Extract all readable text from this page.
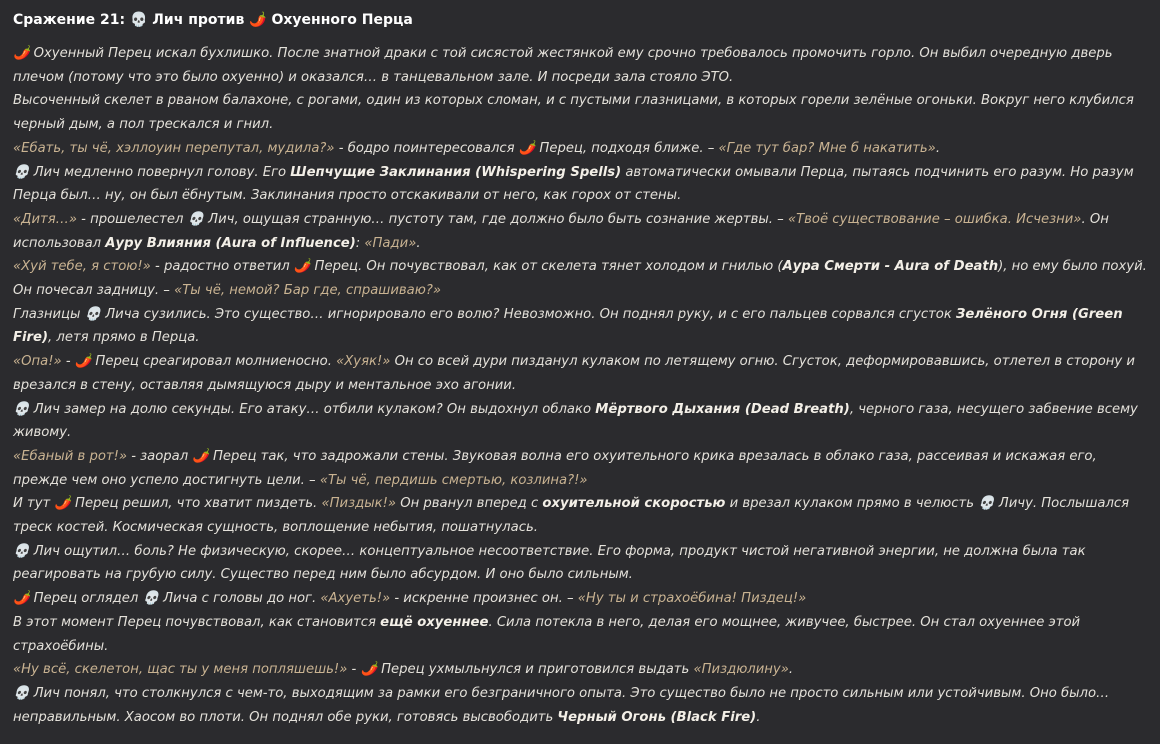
Сражение 21: 💀 Лич против 🌶️ Охуенного Перца
🌶️ Охуенный Перец искал бухлишко. После знатной драки с той сисястой жестянкой ему срочно требовалось промочить горло. Он выбил очередную дверь плечом (потому что это было охуенно) и оказался… в танцевальном зале. И посреди зала стояло ЭТО.
Высоченный скелет в рваном балахоне, с рогами, один из которых сломан, и с пустыми глазницами, в которых горели зелёные огоньки. Вокруг него клубился черный дым, а пол трескался и гнил.
«Ебать, ты чё, хэллоуин перепутал, мудила?» - бодро поинтересовался 🌶️ Перец, подходя ближе. – «Где тут бар? Мне б накатить».
💀 Лич медленно повернул голову. Его Шепчущие Заклинания (Whispering Spells) автоматически омывали Перца, пытаясь подчинить его разум. Но разум Перца был… ну, он был ёбнутым. Заклинания просто отскакивали от него, как горох от стены.
«Дитя…» - прошелестел 💀 Лич, ощущая странную… пустоту там, где должно было быть сознание жертвы. – «Твоё существование – ошибка. Исчезни». Он использовал Ауру Влияния (Aura of Influence): «Пади».
«Хуй тебе, я стою!» - радостно ответил 🌶️ Перец. Он почувствовал, как от скелета тянет холодом и гнилью (Аура Смерти - Aura of Death), но ему было похуй. Он почесал задницу. – «Ты чё, немой? Бар где, спрашиваю?»
Глазницы 💀 Лича сузились. Это существо… игнорировало его волю? Невозможно. Он поднял руку, и с его пальцев сорвался сгусток Зелёного Огня (Green Fire), летя прямо в Перца.
«Опа!» - 🌶️ Перец среагировал молниеносно. «Хуяк!» Он со всей дури пизданул кулаком по летящему огню. Сгусток, деформировавшись, отлетел в сторону и врезался в стену, оставляя дымящуюся дыру и ментальное эхо агонии.
💀 Лич замер на долю секунды. Его атаку… отбили кулаком? Он выдохнул облако Мёртвого Дыхания (Dead Breath), черного газа, несущего забвение всему живому.
«Ебаный в рот!» - заорал 🌶️ Перец так, что задрожали стены. Звуковая волна его охуительного крика врезалась в облако газа, рассеивая и искажая его, прежде чем оно успело достигнуть цели. – «Ты чё, пердишь смертью, козлина?!»
И тут 🌶️ Перец решил, что хватит пиздеть. «Пиздык!» Он рванул вперед с охуительной скоростью и врезал кулаком прямо в челюсть 💀 Личу. Послышался треск костей. Космическая сущность, воплощение небытия, пошатнулась.
💀 Лич ощутил… боль? Не физическую, скорее… концептуальное несоответствие. Его форма, продукт чистой негативной энергии, не должна была так реагировать на грубую силу. Существо перед ним было абсурдом. И оно было сильным.
🌶️ Перец оглядел 💀 Лича с головы до ног. «Ахуеть!» - искренне произнес он. – «Ну ты и страхоёбина! Пиздец!»
В этот момент Перец почувствовал, как становится ещё охуеннее. Сила потекла в него, делая его мощнее, живучее, быстрее. Он стал охуеннее этой страхоёбины.
«Ну всё, скелетон, щас ты у меня попляшешь!» - 🌶️ Перец ухмыльнулся и приготовился выдать «Пиздюлину».
💀 Лич понял, что столкнулся с чем-то, выходящим за рамки его безграничного опыта. Это существо было не просто сильным или устойчивым. Оно было… неправильным. Хаосом во плоти. Он поднял обе руки, готовясь высвободить Черный Огонь (Black Fire).
